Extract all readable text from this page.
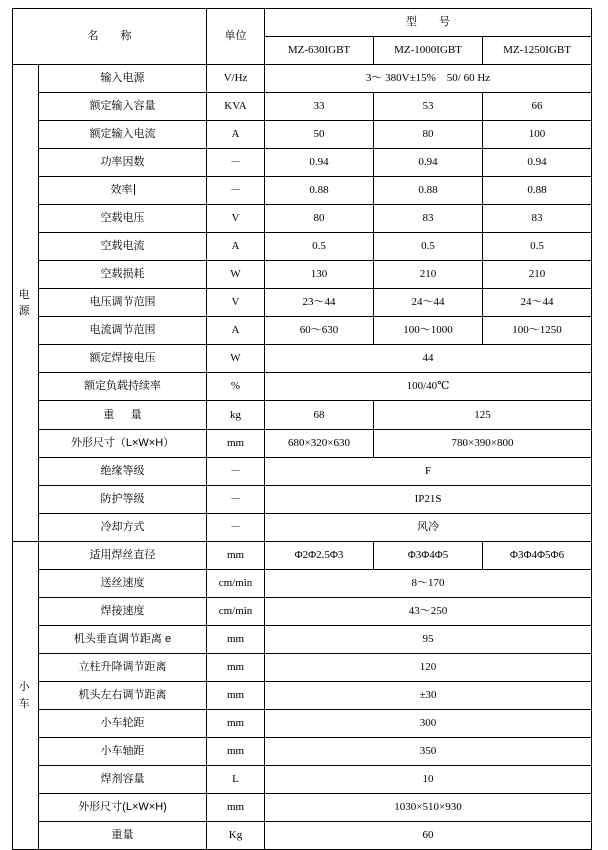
名　称		单位	型　号		
			MZ-630IGBT	MZ-1000IGBT	MZ-1250IGBT
电源	输入电源	V/Hz	3～ 380V±15%　50/ 60 Hz		
	额定输入容量	KVA	33	53	66
	额定输入电流	A	50	80	100
	功率因数	－	0.94	0.94	0.94
	效率	－	0.88	0.88	0.88
	空载电压	V	80	83	83
	空载电流	A	0.5	0.5	0.5
	空载损耗	W	130	210	210
	电压调节范围	V	23～44	24～44	24～44
	电流调节范围	A	60～630	100～1000	100～1250
	额定焊接电压	W	44		
	额定负载持续率	%	100/40℃		
	重　量	kg	68	125	
	外形尺寸（L×W×H）	mm	680×320×630	780×390×800	
	绝缘等级	－	F		
	防护等级	－	IP21S		
	冷却方式	－	风冷		
小车	适用焊丝直径	mm	Φ2Φ2.5Φ3	Φ3Φ4Φ5	Φ3Φ4Φ5Φ6
	送丝速度	cm/min	8～170		
	焊接速度	cm/min	43～250		
	机头垂直调节距离 e	mm	95		
	立柱升降调节距离	mm	120		
	机头左右调节距离	mm	±30		
	小车轮距	mm	300		
	小车轴距	mm	350		
	焊剂容量	L	10		
	外形尺寸(L×W×H)	mm	1030×510×930		
	重量	Kg	60		
